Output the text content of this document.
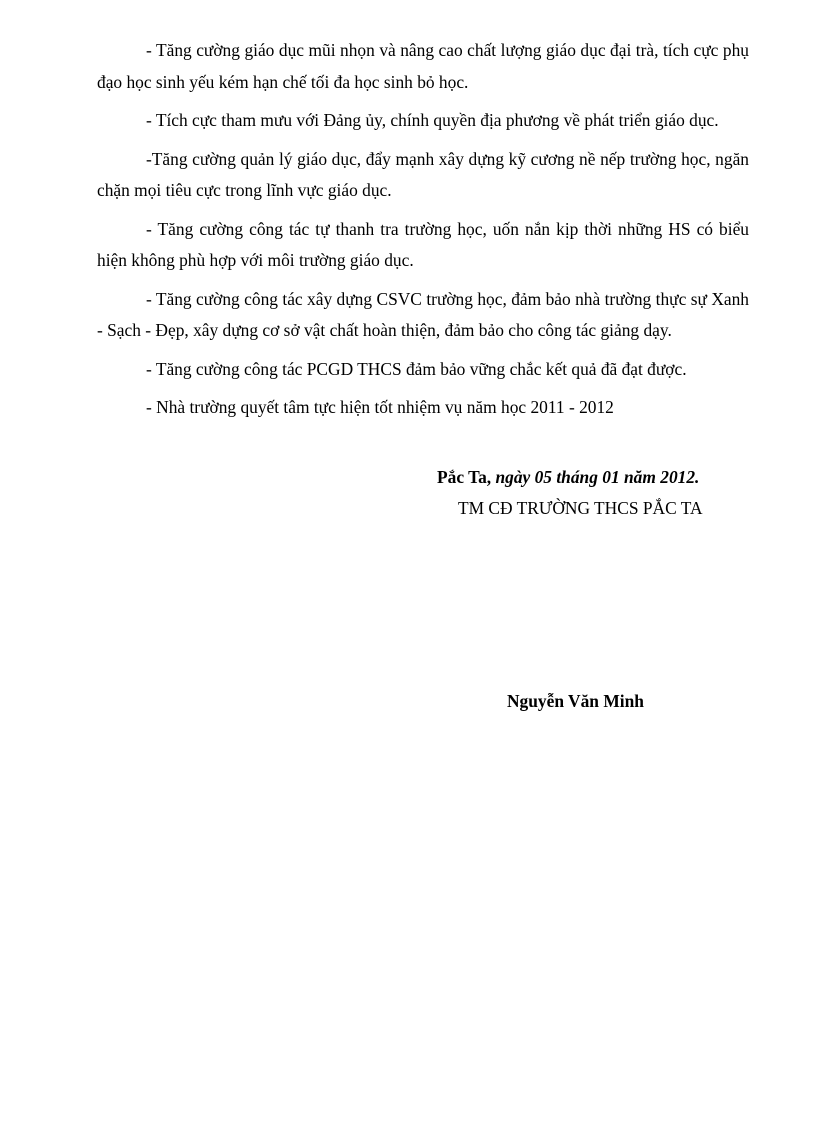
- Tăng cường giáo dục mũi nhọn và nâng cao chất lượng giáo dục đại trà, tích cực phụ đạo học sinh yếu kém hạn chế tối đa học sinh bỏ học.

- Tích cực tham mưu với Đảng ủy, chính quyền địa phương về phát triển giáo dục.

-Tăng cường quản lý giáo dục, đẩy mạnh xây dựng kỹ cương nề nếp trường học, ngăn chặn mọi tiêu cực trong lĩnh vực giáo dục.

- Tăng cường công tác tự thanh tra trường học, uốn nắn kịp thời những HS có biểu hiện không phù hợp với môi trường giáo dục.

- Tăng cường công tác xây dựng CSVC trường học, đảm bảo nhà trường thực sự Xanh - Sạch - Đẹp, xây dựng cơ sở vật chất hoàn thiện, đảm bảo cho công tác giảng dạy.

- Tăng cường công tác PCGD THCS đảm bảo vững chắc kết quả đã đạt được.

- Nhà trường quyết tâm tực hiện tốt nhiệm vụ năm học 2011 - 2012

Pắc Ta, ngày 05 tháng 01 năm 2012.
TM CĐ TRƯỜNG THCS PẮC TA
Nguyễn Văn Minh
